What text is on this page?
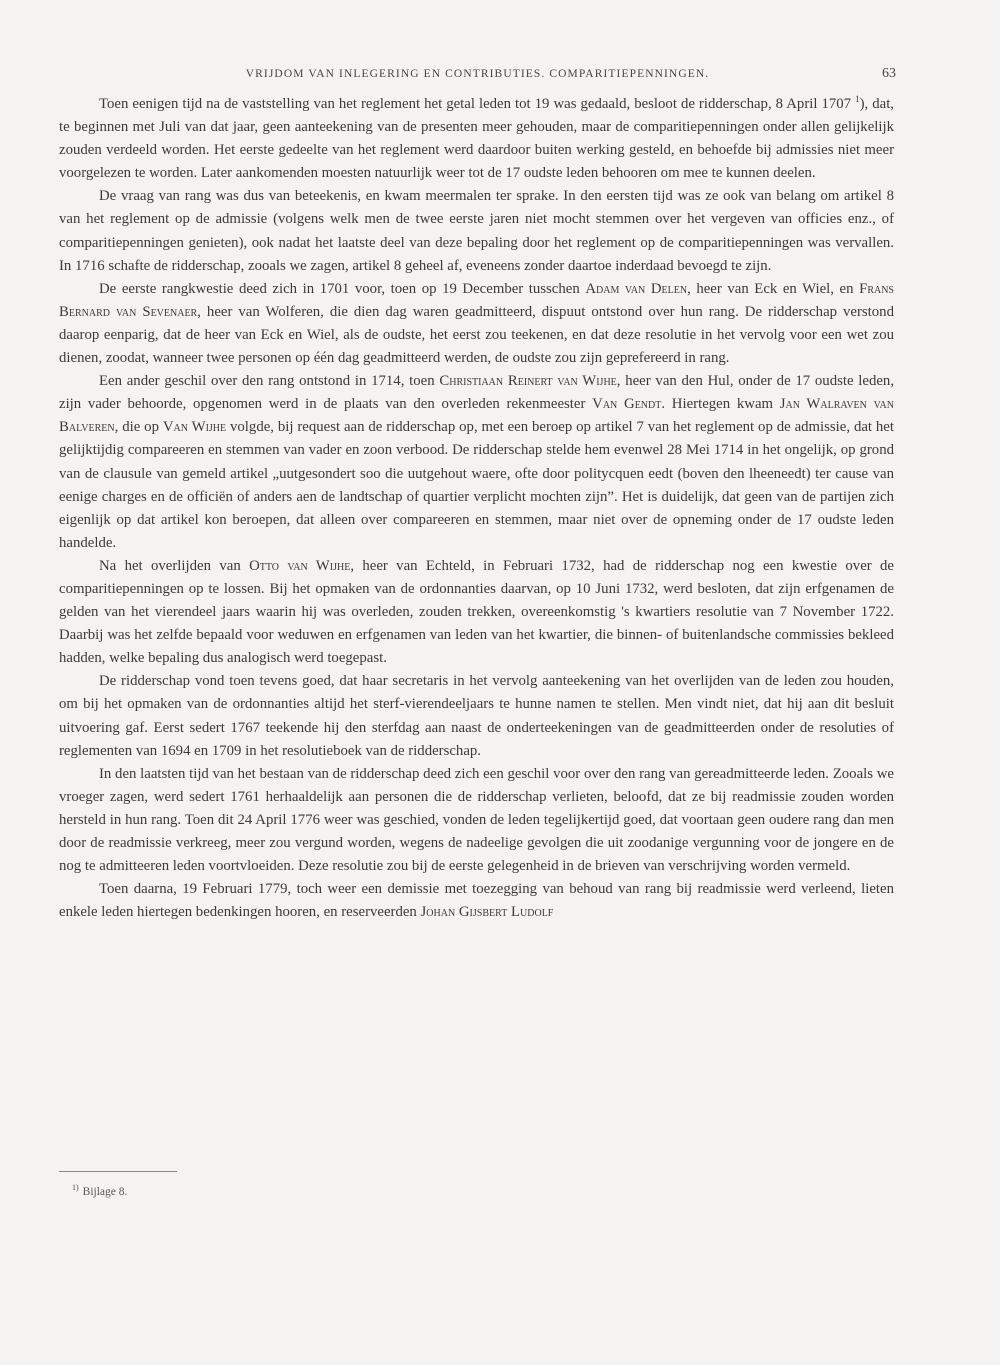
VRIJDOM VAN INLEGERING EN CONTRIBUTIES. COMPARITIEPENNINGEN.	63

Toen eenigen tijd na de vaststelling van het reglement het getal leden tot 19 was gedaald, besloot de ridderschap, 8 April 1707 $^1$), dat, te beginnen met Juli van dat jaar, geen aanteekening van de presenten meer gehouden, maar de comparitiepenningen onder allen gelijkelijk zouden verdeeld worden. Het eerste gedeelte van het reglement werd daardoor buiten werking gesteld, en behoefde bij admissies niet meer voorgelezen te worden. Later aankomenden moesten natuurlijk weer tot de 17 oudste leden behooren om mee te kunnen deelen.

De vraag van rang was dus van beteekenis, en kwam meermalen ter sprake. In den eersten tijd was ze ook van belang om artikel 8 van het reglement op de admissie (volgens welk men de twee eerste jaren niet mocht stemmen over het vergeven van officies enz., of comparitiepenningen genieten), ook nadat het laatste deel van deze bepaling door het reglement op de comparitiepenningen was vervallen. In 1716 schafte de ridderschap, zooals we zagen, artikel 8 geheel af, eveneens zonder daartoe inderdaad bevoegd te zijn.

De eerste rangkwestie deed zich in 1701 voor, toen op 19 December tusschen Adam van Delen, heer van Eck en Wiel, en Frans Bernard van Sevenaer, heer van Wolferen, die dien dag waren geadmitteerd, dispuut ontstond over hun rang. De ridderschap verstond daarop eenparig, dat de heer van Eck en Wiel, als de oudste, het eerst zou teekenen, en dat deze resolutie in het vervolg voor een wet zou dienen, zoodat, wanneer twee personen op één dag geadmitteerd werden, de oudste zou zijn geprefereerd in rang.

Een ander geschil over den rang ontstond in 1714, toen Christiaan Reinert van Wijhe, heer van den Hul, onder de 17 oudste leden, zijn vader behoorde, opgenomen werd in de plaats van den overleden rekenmeester Van Gendt. Hiertegen kwam Jan Walraven van Balveren, die op Van Wijhe volgde, bij request aan de ridderschap op, met een beroep op artikel 7 van het reglement op de admissie, dat het gelijktijdig compareeren en stemmen van vader en zoon verbood. De ridderschap stelde hem evenwel 28 Mei 1714 in het ongelijk, op grond van de clausule van gemeld artikel „uutgesondert soo die uutgehout waere, ofte door politycquen eedt (boven den lheeneedt) ter cause van eenige charges en de officiën of anders aen de landtschap of quartier verplicht mochten zijn”. Het is duidelijk, dat geen van de partijen zich eigenlijk op dat artikel kon beroepen, dat alleen over compareeren en stemmen, maar niet over de opneming onder de 17 oudste leden handelde.

Na het overlijden van Otto van Wijhe, heer van Echteld, in Februari 1732, had de ridderschap nog een kwestie over de comparitiepenningen op te lossen. Bij het opmaken van de ordonnanties daarvan, op 10 Juni 1732, werd besloten, dat zijn erfgenamen de gelden van het vierendeel jaars waarin hij was overleden, zouden trekken, overeenkomstig 's kwartiers resolutie van 7 November 1722. Daarbij was het zelfde bepaald voor weduwen en erfgenamen van leden van het kwartier, die binnen- of buitenlandsche commissies bekleed hadden, welke bepaling dus analogisch werd toegepast.

De ridderschap vond toen tevens goed, dat haar secretaris in het vervolg aanteekening van het overlijden van de leden zou houden, om bij het opmaken van de ordonnanties altijd het sterf-vierendeeljaars te hunne namen te stellen. Men vindt niet, dat hij aan dit besluit uitvoering gaf. Eerst sedert 1767 teekende hij den sterfdag aan naast de onderteekeningen van de geadmitteerden onder de resoluties of reglementen van 1694 en 1709 in het resolutieboek van de ridderschap.

In den laatsten tijd van het bestaan van de ridderschap deed zich een geschil voor over den rang van gereadmitteerde leden. Zooals we vroeger zagen, werd sedert 1761 herhaaldelijk aan personen die de ridderschap verlieten, beloofd, dat ze bij readmissie zouden worden hersteld in hun rang. Toen dit 24 April 1776 weer was geschied, vonden de leden tegelijkertijd goed, dat voortaan geen oudere rang dan men door de readmissie verkreeg, meer zou vergund worden, wegens de nadeelige gevolgen die uit zoodanige vergunning voor de jongere en de nog te admitteeren leden voortvloeiden. Deze resolutie zou bij de eerste gelegenheid in de brieven van verschrijving worden vermeld.

Toen daarna, 19 Februari 1779, toch weer een demissie met toezegging van behoud van rang bij readmissie werd verleend, lieten enkele leden hiertegen bedenkingen hooren, en reserveerden Johan Gijsbert Ludolf

$^{1)}$ Bijlage 8.
